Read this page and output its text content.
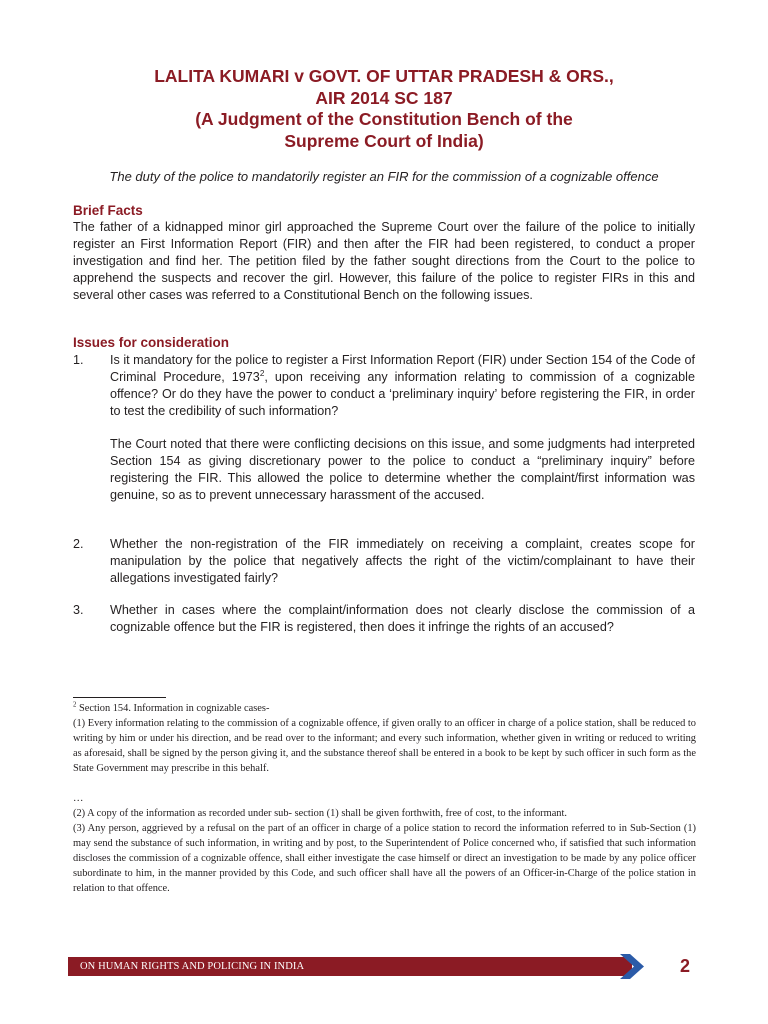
LALITA KUMARI v GOVT. OF UTTAR PRADESH & ORS.,
AIR 2014 SC 187
(A Judgment of the Constitution Bench of the
Supreme Court of India)
The duty of the police to mandatorily register an FIR for the commission of a cognizable offence
Brief Facts
The father of a kidnapped minor girl approached the Supreme Court over the failure of the police to initially register an First Information Report (FIR) and then after the FIR had been registered, to conduct a proper investigation and find her. The petition filed by the father sought directions from the Court to the police to apprehend the suspects and recover the girl. However, this failure of the police to register FIRs in this and several other cases was referred to a Constitutional Bench on the following issues.
Issues for consideration
1. Is it mandatory for the police to register a First Information Report (FIR) under Section 154 of the Code of Criminal Procedure, 1973$^2$, upon receiving any information relating to commission of a cognizable offence? Or do they have the power to conduct a ‘preliminary inquiry’ before registering the FIR, in order to test the credibility of such information?
The Court noted that there were conflicting decisions on this issue, and some judgments had interpreted Section 154 as giving discretionary power to the police to conduct a “preliminary inquiry” before registering the FIR. This allowed the police to determine whether the complaint/first information was genuine, so as to prevent unnecessary harassment of the accused.
2. Whether the non-registration of the FIR immediately on receiving a complaint, creates scope for manipulation by the police that negatively affects the right of the victim/complainant to have their allegations investigated fairly?
3. Whether in cases where the complaint/information does not clearly disclose the commission of a cognizable offence but the FIR is registered, then does it infringe the rights of an accused?
$^2$ Section 154. Information in cognizable cases-
(1) Every information relating to the commission of a cognizable offence, if given orally to an officer in charge of a police station, shall be reduced to writing by him or under his direction, and be read over to the informant; and every such information, whether given in writing or reduced to writing as aforesaid, shall be signed by the person giving it, and the substance thereof shall be entered in a book to be kept by such officer in such form as the State Government may prescribe in this behalf.
…
(2) A copy of the information as recorded under sub- section (1) shall be given forthwith, free of cost, to the informant.
(3) Any person, aggrieved by a refusal on the part of an officer in charge of a police station to record the information referred to in Sub-Section (1) may send the substance of such information, in writing and by post, to the Superintendent of Police concerned who, if satisfied that such information discloses the commission of a cognizable offence, shall either investigate the case himself or direct an investigation to be made by any police officer subordinate to him, in the manner provided by this Code, and such officer shall have all the powers of an Officer-in-Charge of the police station in relation to that offence.
ON HUMAN RIGHTS AND POLICING IN INDIA	2
